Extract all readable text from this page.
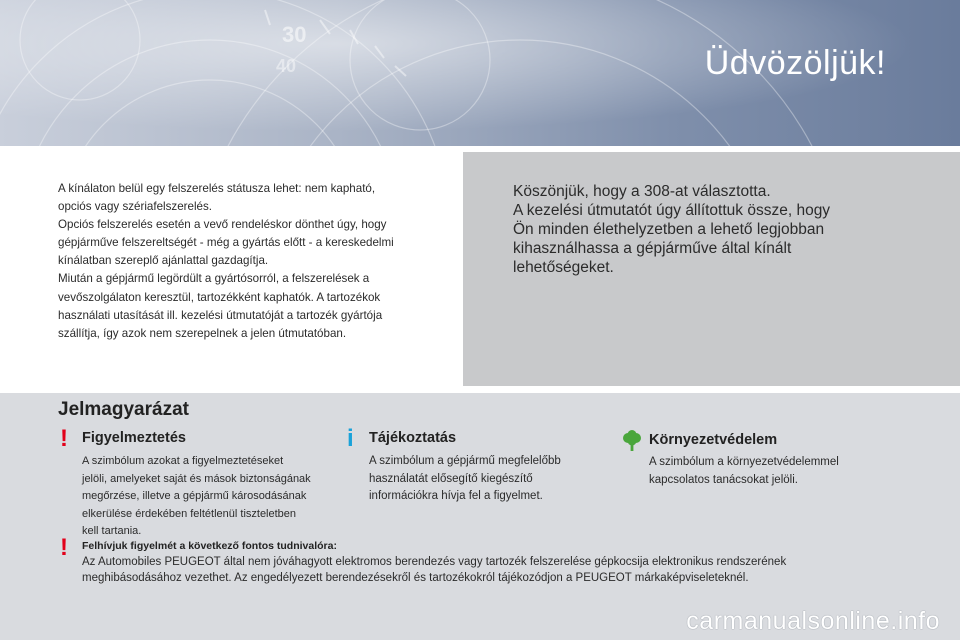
30
40	Üdvözöljük!

A kínálaton belül egy felszerelés státusza lehet: nem kapható,

opciós vagy szériafelszerelés.

Opciós felszerelés esetén a vevő rendeléskor dönthet úgy, hogy

gépjárműve felszereltségét - még a gyártás előtt - a kereskedelmi

kínálatban szereplő ajánlattal gazdagítja.

Miután a gépjármű legördült a gyártósorról, a felszerelések a

vevőszolgálaton keresztül, tartozékként kaphatók. A tartozékok

használati utasítását ill. kezelési útmutatóját a tartozék gyártója

szállítja, így azok nem szerepelnek a jelen útmutatóban.

Köszönjük, hogy a 308-at választotta.
A kezelési útmutatót úgy állítottuk össze, hogy
Ön minden élethelyzetben a lehető legjobban
kihasználhassa a gépjárműve által kínált
lehetőségeket.
Jelmagyarázat
! Figyelmeztetés
A szimbólum azokat a figyelmeztetéseket
jelöli, amelyeket saját és mások biztonságának
megőrzése, illetve a gépjármű károsodásának
elkerülése érdekében feltétlenül tiszteletben
kell tartania.
i Tájékoztatás
A szimbólum a gépjármű megfelelőbb
használatát elősegítő kiegészítő
információkra hívja fel a figyelmet.
Környezetvédelem
A szimbólum a környezetvédelemmel
kapcsolatos tanácsokat jelöli.
! Felhívjuk figyelmét a következő fontos tudnivalóra:
Az Automobiles PEUGEOT által nem jóváhagyott elektromos berendezés vagy tartozék felszerelése gépkocsija elektronikus rendszerének
meghibásodásához vezethet. Az engedélyezett berendezésekről és tartozékokról tájékozódjon a PEUGEOT márkaképviseleteknél.
carmanualsonline.info
